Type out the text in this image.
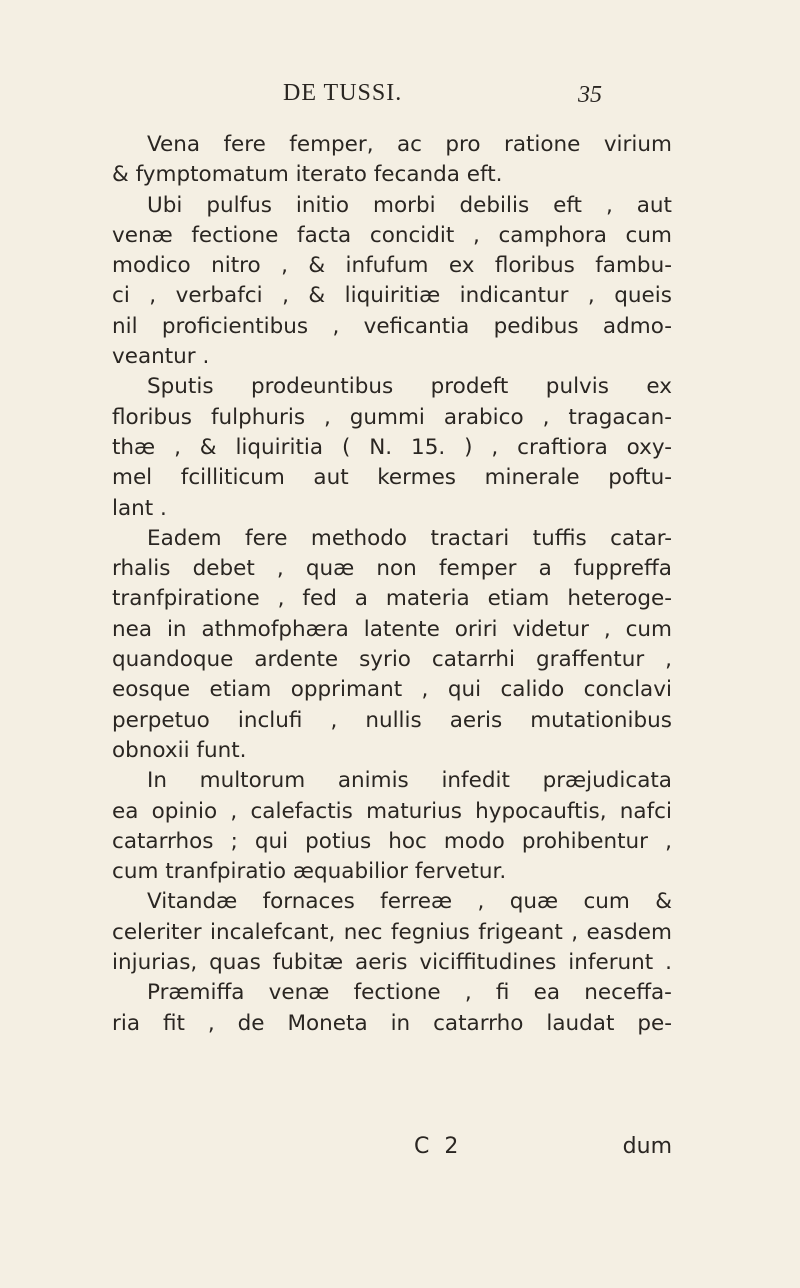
DE TUSSI.	35
Vena fere femper, ac pro ratione virium
& fymptomatum iterato fecanda eft.
Ubi pulfus initio morbi debilis eft , aut
venæ fectione facta concidit , camphora cum
modico nitro , & infufum ex floribus fambu-
ci , verbafci , & liquiritiæ indicantur , queis
nil proficientibus , veficantia pedibus admo-
veantur .
Sputis prodeuntibus prodeft pulvis ex
floribus fulphuris , gummi arabico , tragacan-
thæ , & liquiritia ( N. 15. ) , craftiora oxy-
mel fcilliticum aut kermes minerale poftu-
lant .
Eadem fere methodo tractari tuffis catar-
rhalis debet , quæ non femper a fuppreffa
tranfpiratione , fed a materia etiam heteroge-
nea in athmofphæra latente oriri videtur , cum
quandoque ardente syrio catarrhi graffentur ,
eosque etiam opprimant , qui calido conclavi
perpetuo inclufi , nullis aeris mutationibus
obnoxii funt.
In multorum animis infedit præjudicata
ea opinio , calefactis maturius hypocauftis, nafci
catarrhos ; qui potius hoc modo prohibentur ,
cum tranfpiratio æquabilior fervetur.
Vitandæ fornaces ferreæ , quæ cum &
celeriter incalefcant, nec fegnius frigeant , easdem
injurias, quas fubitæ aeris viciffitudines inferunt .
Præmiffa venæ fectione , fi ea neceffa-
ria fit , de Moneta in catarrho laudat pe-
C 2	dum
